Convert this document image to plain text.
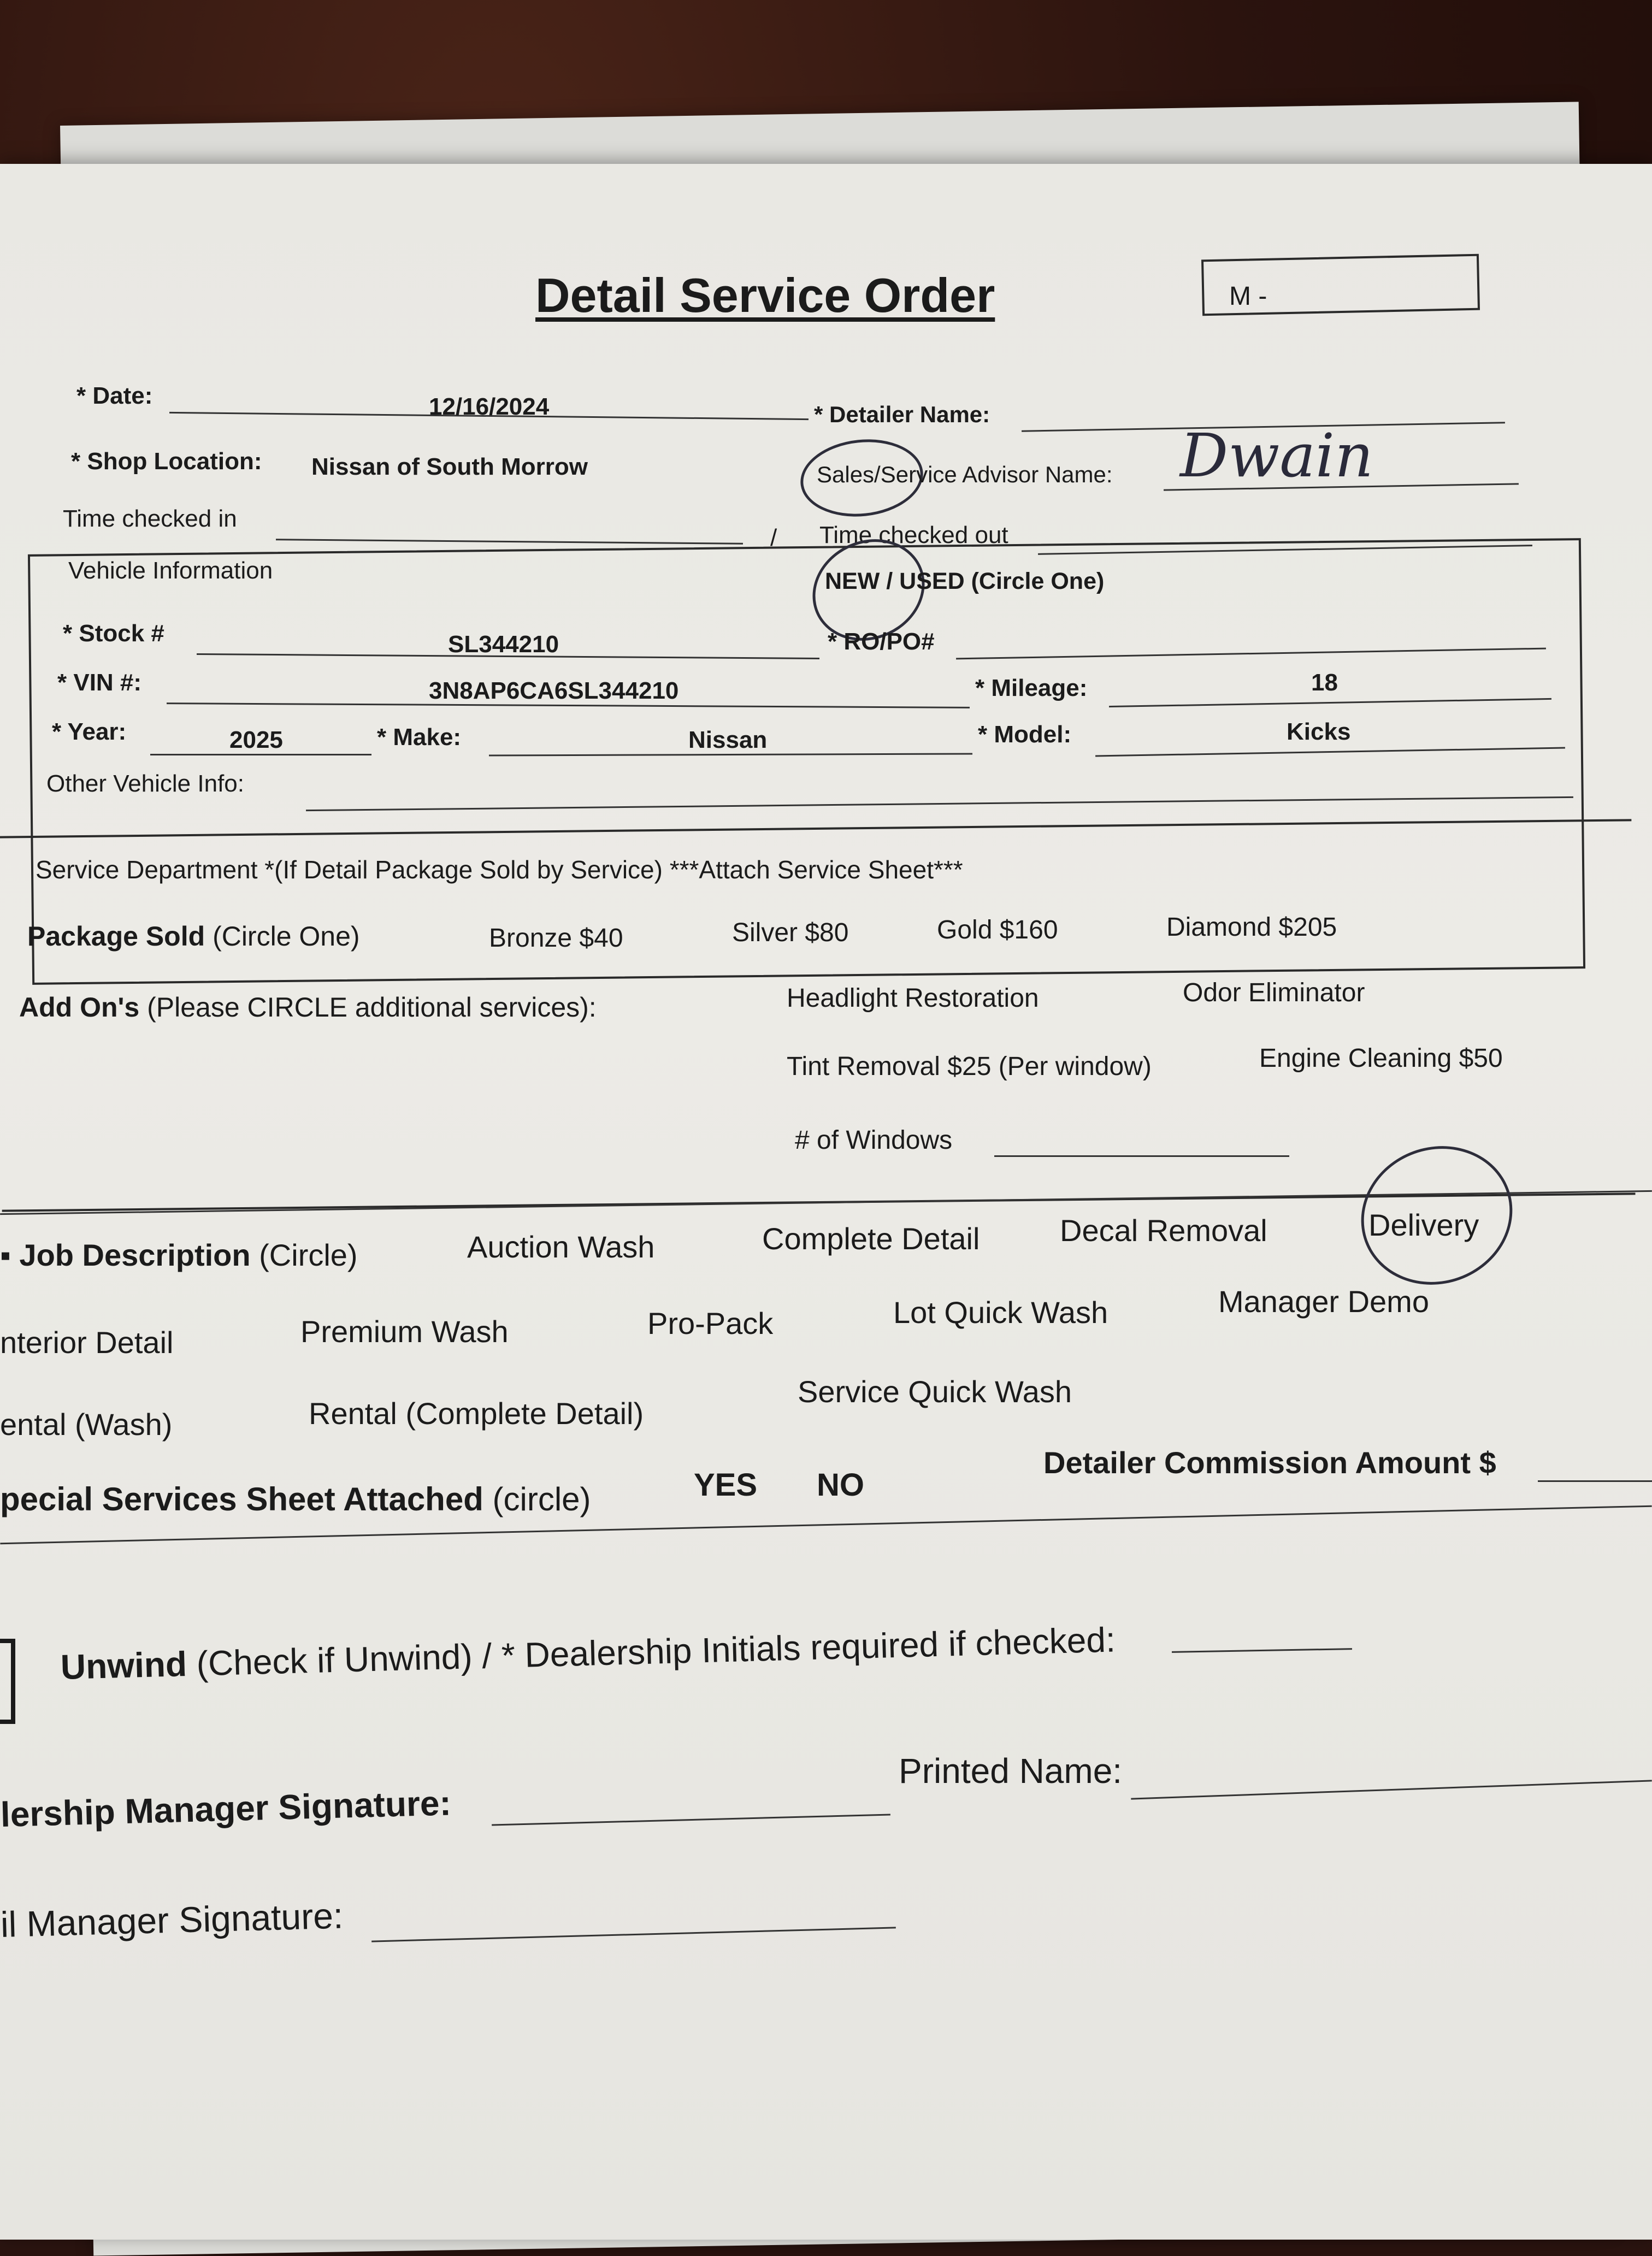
Detail Service Order	M -
* Date:	12/16/2024	* Detailer Name:
* Shop Location: Nissan of South Morrow	Sales/Service Advisor Name: Dwain
Time checked in
/ Time checked out
Vehicle Information	NEW / USED (Circle One)
* Stock #	SL344210	* RO/PO#
* VIN #:	3N8AP6CA6SL344210	* Mileage:	18
* Year:	2025	* Make:	Nissan	* Model:	Kicks
Other Vehicle Info:
Service Department *(If Detail Package Sold by Service) ***Attach Service Sheet***
Package Sold (Circle One)	Bronze $40	Silver $80	Gold $160	Diamond $205
Add On's (Please CIRCLE additional services):	Headlight Restoration	Odor Eliminator
Tint Removal $25 (Per window)	Engine Cleaning $50
# of Windows
▪ Job Description (Circle)	Auction Wash	Complete Detail	Decal Removal	Delivery
nterior Detail	Premium Wash	Pro-Pack	Lot Quick Wash	Manager Demo
ental (Wash)	Rental (Complete Detail)
Service Quick Wash
pecial Services Sheet Attached (circle)	YES NO
Detailer Commission Amount $
Unwind (Check if Unwind) / * Dealership Initials required if checked:
Printed Name:
lership Manager Signature:
il Manager Signature:
